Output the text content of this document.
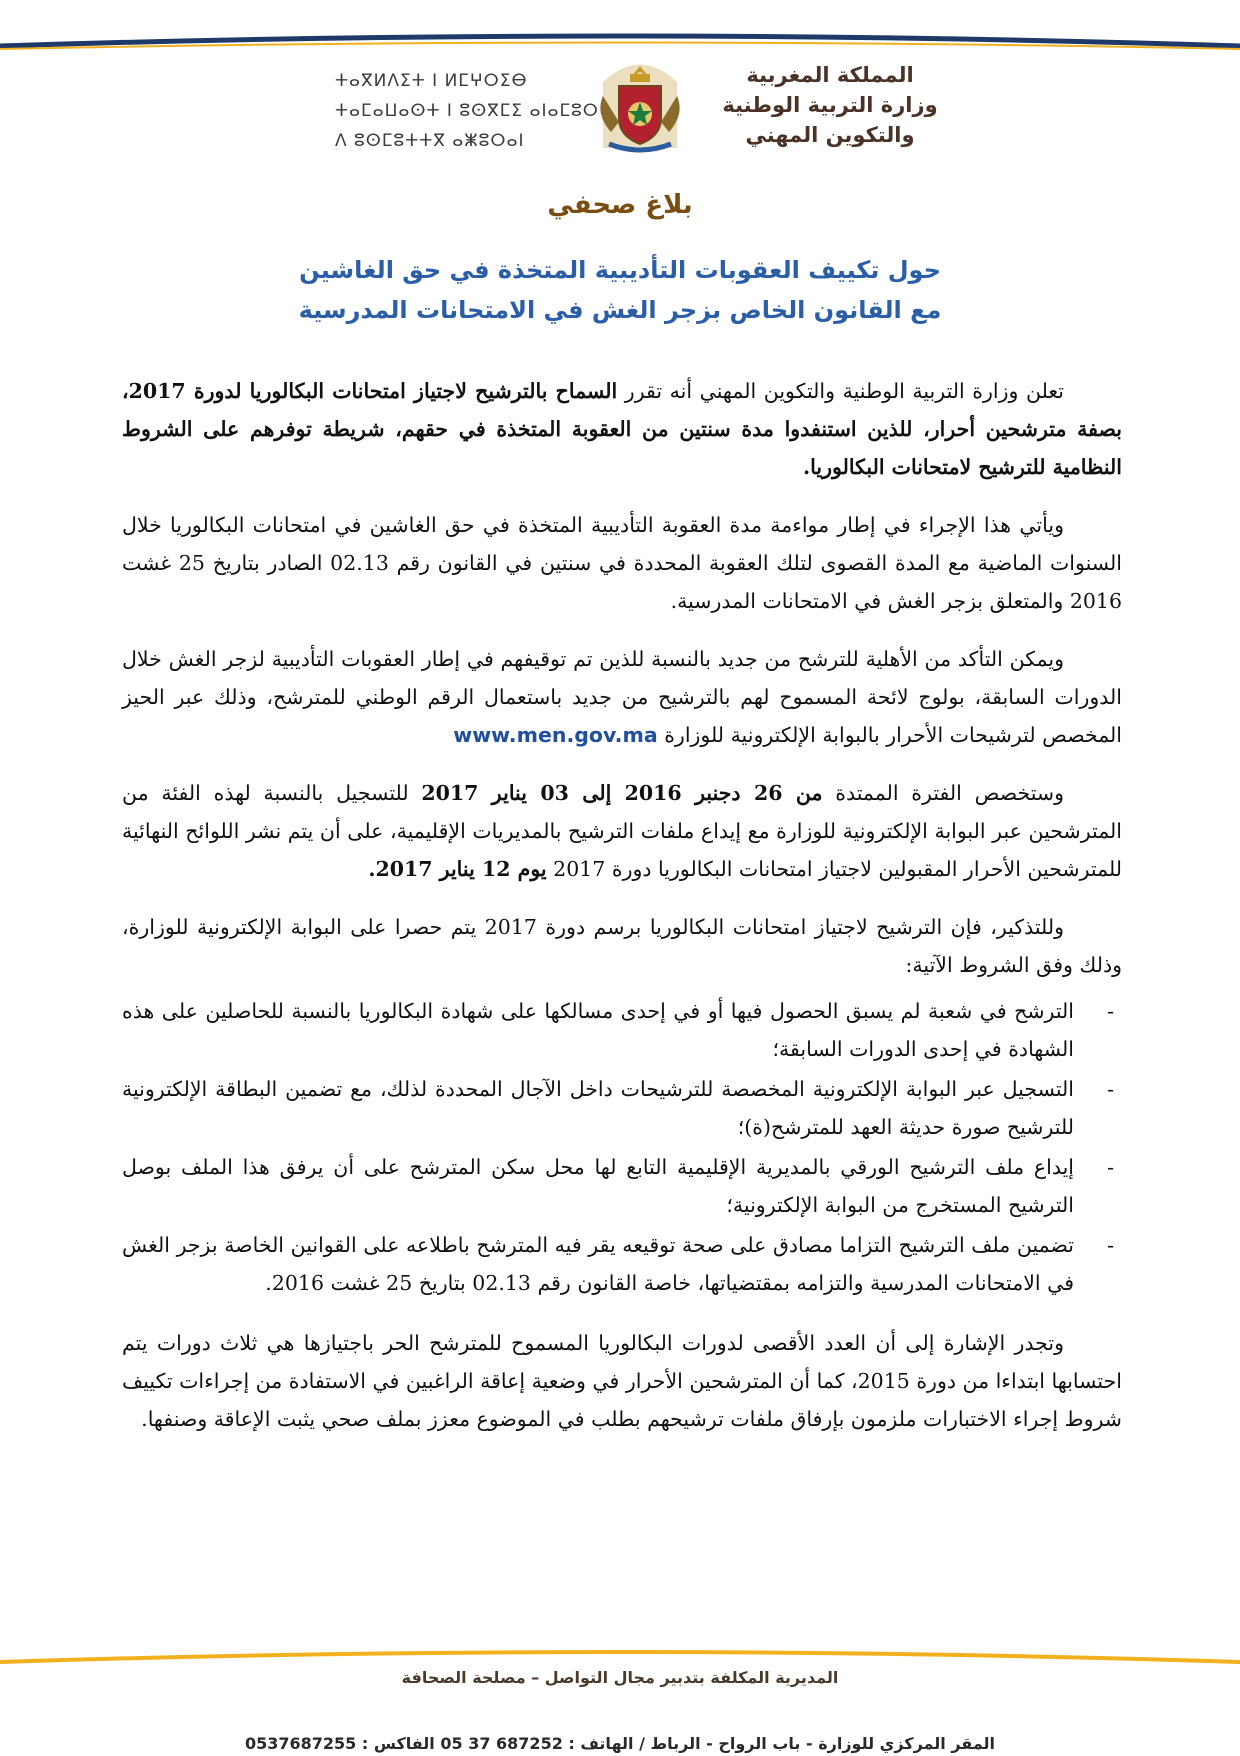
المملكة المغربية
وزارة التربية الوطنية
والتكوين المهني
ⵜⴰⴳⵍⴷⵉⵜ ⵏ ⵍⵎⵖⵔⵉⴱ
ⵜⴰⵎⴰⵡⴰⵙⵜ ⵏ ⵓⵙⴳⵎⵉ ⴰⵏⴰⵎⵓⵔ
ⴷ ⵓⵙⵎⵓⵜⵜⴳ ⴰⵥⵓⵔⴰⵏ
بلاغ صحفي
حول تكييف العقوبات التأديبية المتخذة في حق الغاشين
مع القانون الخاص بزجر الغش في الامتحانات المدرسية

تعلن وزارة التربية الوطنية والتكوين المهني أنه تقرر السماح بالترشيح لاجتياز امتحانات البكالوريا لدورة 2017، بصفة مترشحين أحرار، للذين استنفدوا مدة سنتين من العقوبة المتخذة في حقهم، شريطة توفرهم على الشروط النظامية للترشيح لامتحانات البكالوريا.

ويأتي هذا الإجراء في إطار مواءمة مدة العقوبة التأديبية المتخذة في حق الغاشين في امتحانات البكالوريا خلال السنوات الماضية مع المدة القصوى لتلك العقوبة المحددة في سنتين في القانون رقم 02.13 الصادر بتاريخ 25 غشت 2016 والمتعلق بزجر الغش في الامتحانات المدرسية.

ويمكن التأكد من الأهلية للترشح من جديد بالنسبة للذين تم توقيفهم في إطار العقوبات التأديبية لزجر الغش خلال الدورات السابقة، بولوج لائحة المسموح لهم بالترشيح من جديد باستعمال الرقم الوطني للمترشح، وذلك عبر الحيز المخصص لترشيحات الأحرار بالبوابة الإلكترونية للوزارة www.men.gov.ma

وستخصص الفترة الممتدة من 26 دجنبر 2016 إلى 03 يناير 2017 للتسجيل بالنسبة لهذه الفئة من المترشحين عبر البوابة الإلكترونية للوزارة مع إيداع ملفات الترشيح بالمديريات الإقليمية، على أن يتم نشر اللوائح النهائية للمترشحين الأحرار المقبولين لاجتياز امتحانات البكالوريا دورة 2017 يوم 12 يناير 2017.

وللتذكير، فإن الترشيح لاجتياز امتحانات البكالوريا برسم دورة 2017 يتم حصرا على البوابة الإلكترونية للوزارة، وذلك وفق الشروط الآتية:

-
الترشح في شعبة لم يسبق الحصول فيها أو في إحدى مسالكها على شهادة البكالوريا بالنسبة للحاصلين على هذه الشهادة في إحدى الدورات السابقة؛
-
التسجيل عبر البوابة الإلكترونية المخصصة للترشيحات داخل الآجال المحددة لذلك، مع تضمين البطاقة الإلكترونية للترشيح صورة حديثة العهد للمترشح(ة)؛
-
إيداع ملف الترشيح الورقي بالمديرية الإقليمية التابع لها محل سكن المترشح على أن يرفق هذا الملف بوصل الترشيح المستخرج من البوابة الإلكترونية؛
-
تضمين ملف الترشيح التزاما مصادق على صحة توقيعه يقر فيه المترشح باطلاعه على القوانين الخاصة بزجر الغش في الامتحانات المدرسية والتزامه بمقتضياتها، خاصة القانون رقم 02.13 بتاريخ 25 غشت 2016.

وتجدر الإشارة إلى أن العدد الأقصى لدورات البكالوريا المسموح للمترشح الحر باجتيازها هي ثلاث دورات يتم احتسابها ابتداءا من دورة 2015، كما أن المترشحين الأحرار في وضعية إعاقة الراغبين في الاستفادة من إجراءات تكييف شروط إجراء الاختبارات ملزمون بإرفاق ملفات ترشيحهم بطلب في الموضوع معزز بملف صحي يثبت الإعاقة وصنفها.

المديرية المكلفة بتدبير مجال التواصل – مصلحة الصحافة
المقر المركزي للوزارة - باب الرواح - الرباط / الهاتف : 687252 37 05 الفاكس : 0537687255
